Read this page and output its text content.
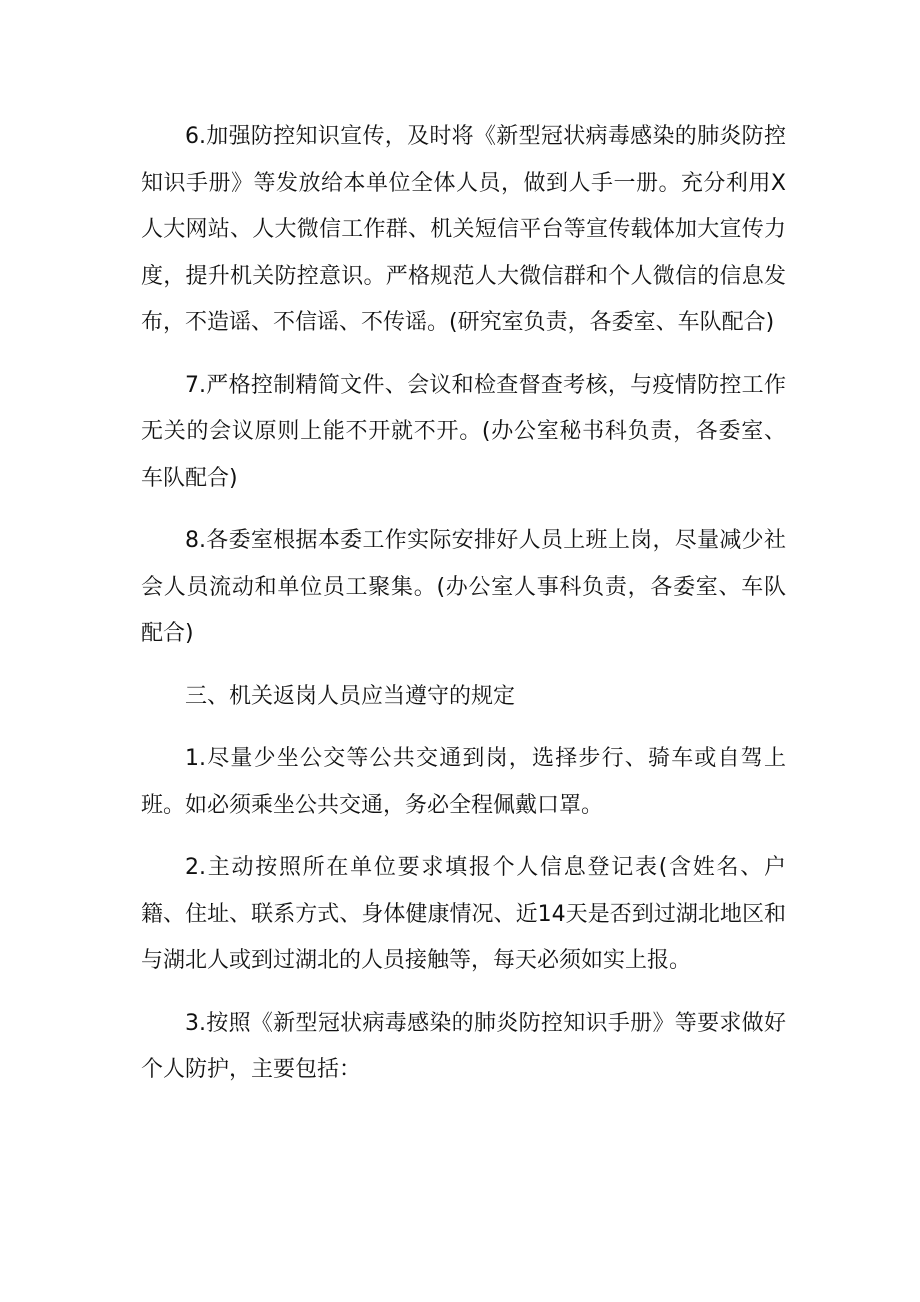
6.加强防控知识宣传，及时将《新型冠状病毒感染的肺炎防控知识手册》等发放给本单位全体人员，做到人手一册。充分利用X人大网站、人大微信工作群、机关短信平台等宣传载体加大宣传力度，提升机关防控意识。严格规范人大微信群和个人微信的信息发布，不造谣、不信谣、不传谣。(研究室负责，各委室、车队配合)

7.严格控制精简文件、会议和检查督查考核，与疫情防控工作无关的会议原则上能不开就不开。(办公室秘书科负责，各委室、车队配合)

8.各委室根据本委工作实际安排好人员上班上岗，尽量减少社会人员流动和单位员工聚集。(办公室人事科负责，各委室、车队配合)

三、机关返岗人员应当遵守的规定

1.尽量少坐公交等公共交通到岗，选择步行、骑车或自驾上班。如必须乘坐公共交通，务必全程佩戴口罩。

2.主动按照所在单位要求填报个人信息登记表(含姓名、户籍、住址、联系方式、身体健康情况、近14天是否到过湖北地区和与湖北人或到过湖北的人员接触等，每天必须如实上报。

3.按照《新型冠状病毒感染的肺炎防控知识手册》等要求做好个人防护，主要包括：
